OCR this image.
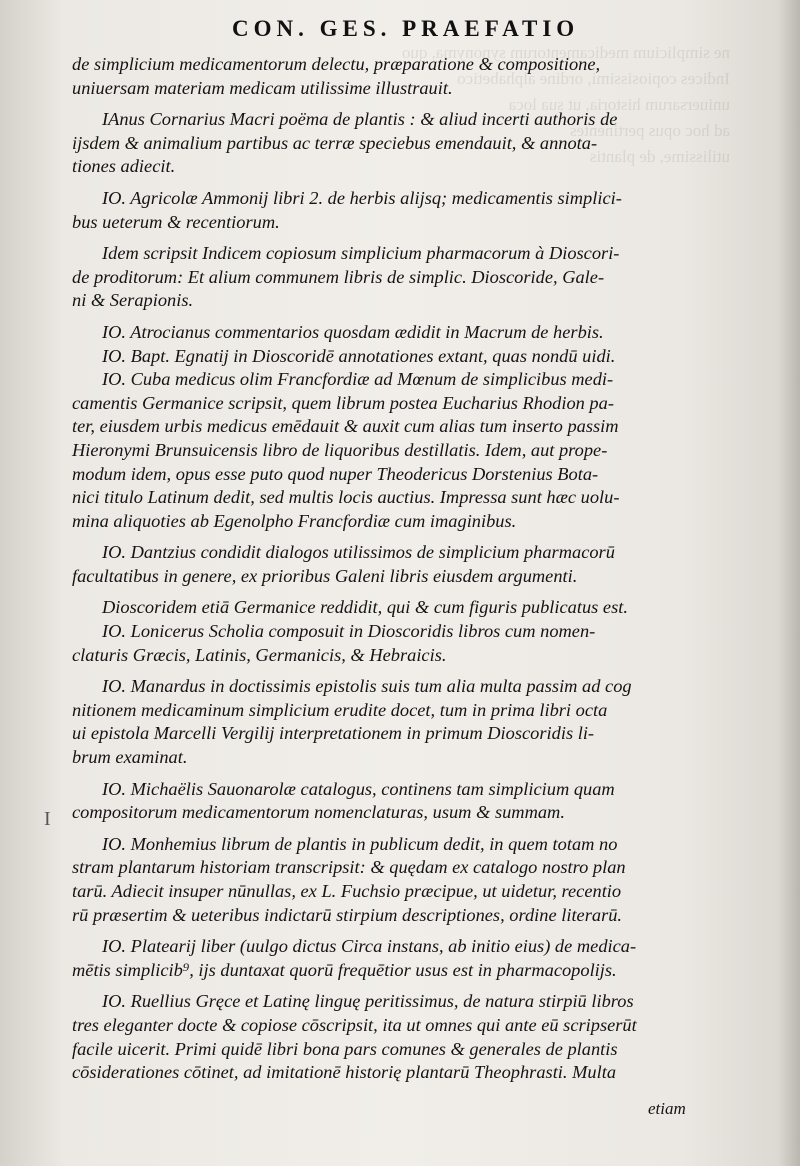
ne simplicium medicamentorum synonyma, quo
Indices copiosissimi, ordine alphabetico
uniuersarum historia, ut sua loca
ad hoc opus pertinentes
utilissime, de plantis
CON. GES. PRAEFATIO
de simplicium medicamentorum delectu, præparatione & compositione,
uniuersam materiam medicam utilissime illustrauit.
IAnus Cornarius Macri poëma de plantis : & aliud incerti authoris de
ijsdem & animalium partibus ac terræ speciebus emendauit, & annota-
tiones adiecit.
IO. Agricolæ Ammonij libri 2. de herbis alijsq; medicamentis simplici-
bus ueterum & recentiorum.
Idem scripsit Indicem copiosum simplicium pharmacorum à Dioscori-
de proditorum: Et alium communem libris de simplic. Dioscoride, Gale-
ni & Serapionis.
IO. Atrocianus commentarios quosdam ædidit in Macrum de herbis.
IO. Bapt. Egnatij in Dioscoridē annotationes extant, quas nondū uidi.
IO. Cuba medicus olim Francfordiæ ad Mœnum de simplicibus medi-
camentis Germanice scripsit, quem librum postea Eucharius Rhodion pa-
ter, eiusdem urbis medicus emēdauit & auxit cum alias tum inserto passim
Hieronymi Brunsuicensis libro de liquoribus destillatis. Idem, aut prope-
modum idem, opus esse puto quod nuper Theodericus Dorstenius Bota-
nici titulo Latinum dedit, sed multis locis auctius. Impressa sunt hæc uolu-
mina aliquoties ab Egenolpho Francfordiæ cum imaginibus.
IO. Dantzius condidit dialogos utilissimos de simplicium pharmacorū
facultatibus in genere, ex prioribus Galeni libris eiusdem argumenti.
Dioscoridem etiā Germanice reddidit, qui & cum figuris publicatus est.
IO. Lonicerus Scholia composuit in Dioscoridis libros cum nomen-
claturis Græcis, Latinis, Germanicis, & Hebraicis.
IO. Manardus in doctissimis epistolis suis tum alia multa passim ad cog
nitionem medicaminum simplicium erudite docet, tum in prima libri octa
ui epistola Marcelli Vergilij interpretationem in primum Dioscoridis li-
brum examinat.
IO. Michaëlis Sauonarolæ catalogus, continens tam simplicium quam
compositorum medicamentorum nomenclaturas, usum & summam.
IO. Monhemius librum de plantis in publicum dedit, in quem totam no
stram plantarum historiam transcripsit: & quędam ex catalogo nostro plan
tarū. Adiecit insuper nūnullas, ex L. Fuchsio præcipue, ut uidetur, recentio
rū præsertim & ueteribus indictarū stirpium descriptiones, ordine literarū.
IO. Platearij liber (uulgo dictus Circa instans, ab initio eius) de medica-
mētis simplicib⁹, ijs duntaxat quorū frequētior usus est in pharmacopolijs.
IO. Ruellius Gręce et Latinę linguę peritissimus, de natura stirpiū libros
tres eleganter docte & copiose cōscripsit, ita ut omnes qui ante eū scripserūt
facile uicerit. Primi quidē libri bona pars comunes & generales de plantis
cōsiderationes cōtinet, ad imitationē historię plantarū Theophrasti. Multa
I
etiam
